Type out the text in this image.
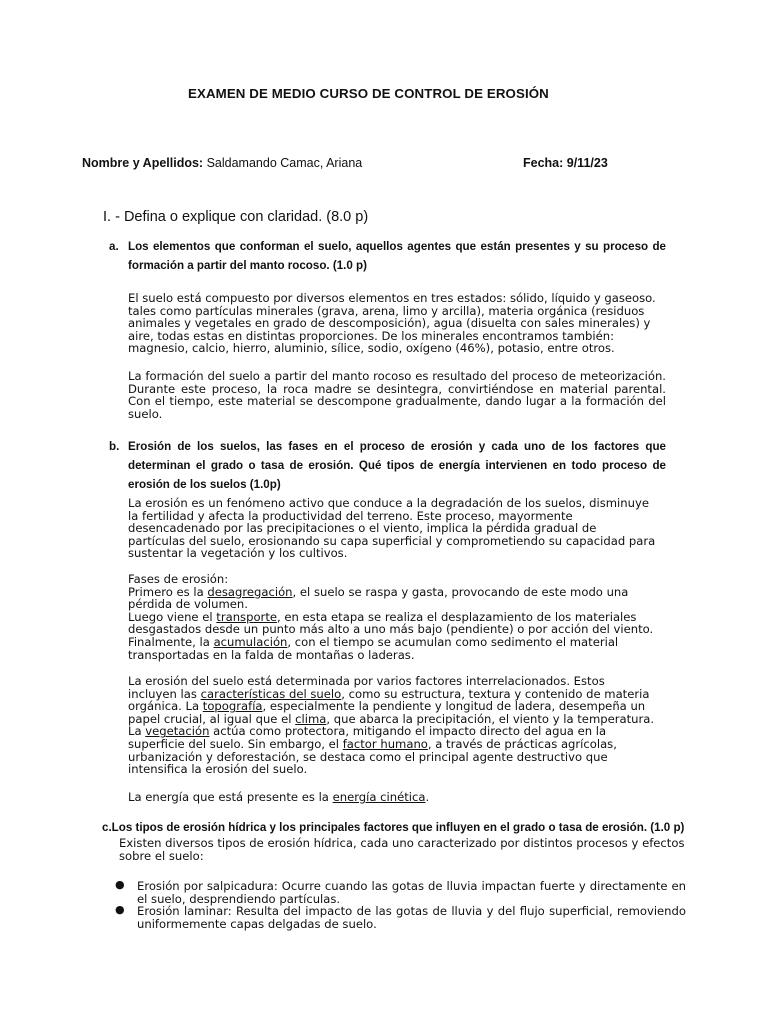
EXAMEN DE MEDIO CURSO DE CONTROL DE EROSIÓN
Nombre y Apellidos: Saldamando Camac, Ariana	Fecha: 9/11/23
I. - Defina o explique con claridad. (8.0 p)
a. Los elementos que conforman el suelo, aquellos agentes que están presentes y su proceso de formación a partir del manto rocoso. (1.0 p)

El suelo está compuesto por diversos elementos en tres estados: sólido, líquido y gaseoso.

tales como partículas minerales (grava, arena, limo y arcilla), materia orgánica (residuos

animales y vegetales en grado de descomposición), agua (disuelta con sales minerales) y

aire, todas estas en distintas proporciones. De los minerales encontramos también:

magnesio, calcio, hierro, aluminio, sílice, sodio, oxígeno (46%), potasio, entre otros.

La formación del suelo a partir del manto rocoso es resultado del proceso de meteorización. Durante este proceso, la roca madre se desintegra, convirtiéndose en material parental. Con el tiempo, este material se descompone gradualmente, dando lugar a la formación del suelo.

b. Erosión de los suelos, las fases en el proceso de erosión y cada uno de los factores que determinan el grado o tasa de erosión. Qué tipos de energía intervienen en todo proceso de erosión de los suelos (1.0p)

La erosión es un fenómeno activo que conduce a la degradación de los suelos, disminuye

la fertilidad y afecta la productividad del terreno. Este proceso, mayormente

desencadenado por las precipitaciones o el viento, implica la pérdida gradual de

partículas del suelo, erosionando su capa superficial y comprometiendo su capacidad para

sustentar la vegetación y los cultivos.

Fases de erosión:

Primero es la desagregación, el suelo se raspa y gasta, provocando de este modo una

pérdida de volumen.

Luego viene el transporte, en esta etapa se realiza el desplazamiento de los materiales

desgastados desde un punto más alto a uno más bajo (pendiente) o por acción del viento.

Finalmente, la acumulación, con el tiempo se acumulan como sedimento el material

transportadas en la falda de montañas o laderas.

La erosión del suelo está determinada por varios factores interrelacionados. Estos

incluyen las características del suelo, como su estructura, textura y contenido de materia

orgánica. La topografía, especialmente la pendiente y longitud de ladera, desempeña un

papel crucial, al igual que el clima, que abarca la precipitación, el viento y la temperatura.

La vegetación actúa como protectora, mitigando el impacto directo del agua en la

superficie del suelo. Sin embargo, el factor humano, a través de prácticas agrícolas,

urbanización y deforestación, se destaca como el principal agente destructivo que

intensifica la erosión del suelo.

La energía que está presente es la energía cinética.

c.Los tipos de erosión hídrica y los principales factores que influyen en el grado o tasa de erosión. (1.0 p)

Existen diversos tipos de erosión hídrica, cada uno caracterizado por distintos procesos y efectos

sobre el suelo:

● Erosión por salpicadura: Ocurre cuando las gotas de lluvia impactan fuerte y directamente en el suelo, desprendiendo partículas.
● Erosión laminar: Resulta del impacto de las gotas de lluvia y del flujo superficial, removiendo uniformemente capas delgadas de suelo.
